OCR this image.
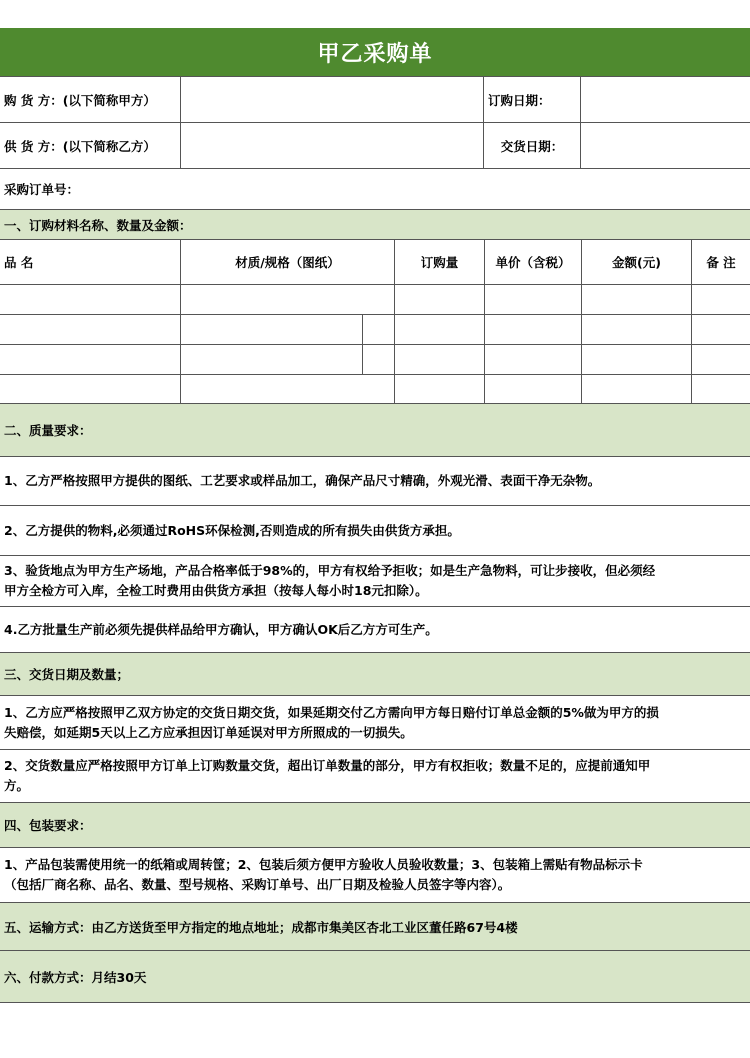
甲乙采购单
购 货 方：(以下简称甲方）	订购日期：
供 货 方：(以下简称乙方）	交货日期：
采购订单号：
一、订购材料名称、数量及金额：
品 名	材质/规格（图纸）	订购量	单价（含税）	金额(元)	备 注
二、质量要求：
1、乙方严格按照甲方提供的图纸、工艺要求或样品加工，确保产品尺寸精确，外观光滑、表面干净无杂物。
2、乙方提供的物料,必须通过RoHS环保检测,否则造成的所有损失由供货方承担。
3、验货地点为甲方生产场地，产品合格率低于98%的，甲方有权给予拒收；如是生产急物料，可让步接收，但必须经
甲方全检方可入库，全检工时费用由供货方承担（按每人每小时18元扣除）。
4.乙方批量生产前必须先提供样品给甲方确认，甲方确认OK后乙方方可生产。
三、交货日期及数量；
1、乙方应严格按照甲乙双方协定的交货日期交货，如果延期交付乙方需向甲方每日赔付订单总金额的5%做为甲方的损
失赔偿，如延期5天以上乙方应承担因订单延误对甲方所照成的一切损失。
2、交货数量应严格按照甲方订单上订购数量交货，超出订单数量的部分，甲方有权拒收；数量不足的，应提前通知甲
方。
四、包装要求：
1、产品包装需使用统一的纸箱或周转筐；2、包装后须方便甲方验收人员验收数量；3、包装箱上需贴有物品标示卡
（包括厂商名称、品名、数量、型号规格、采购订单号、出厂日期及检验人员签字等内容）。
五、运输方式：由乙方送货至甲方指定的地点地址；成都市集美区杏北工业区董任路67号4楼
六、付款方式：月结30天
